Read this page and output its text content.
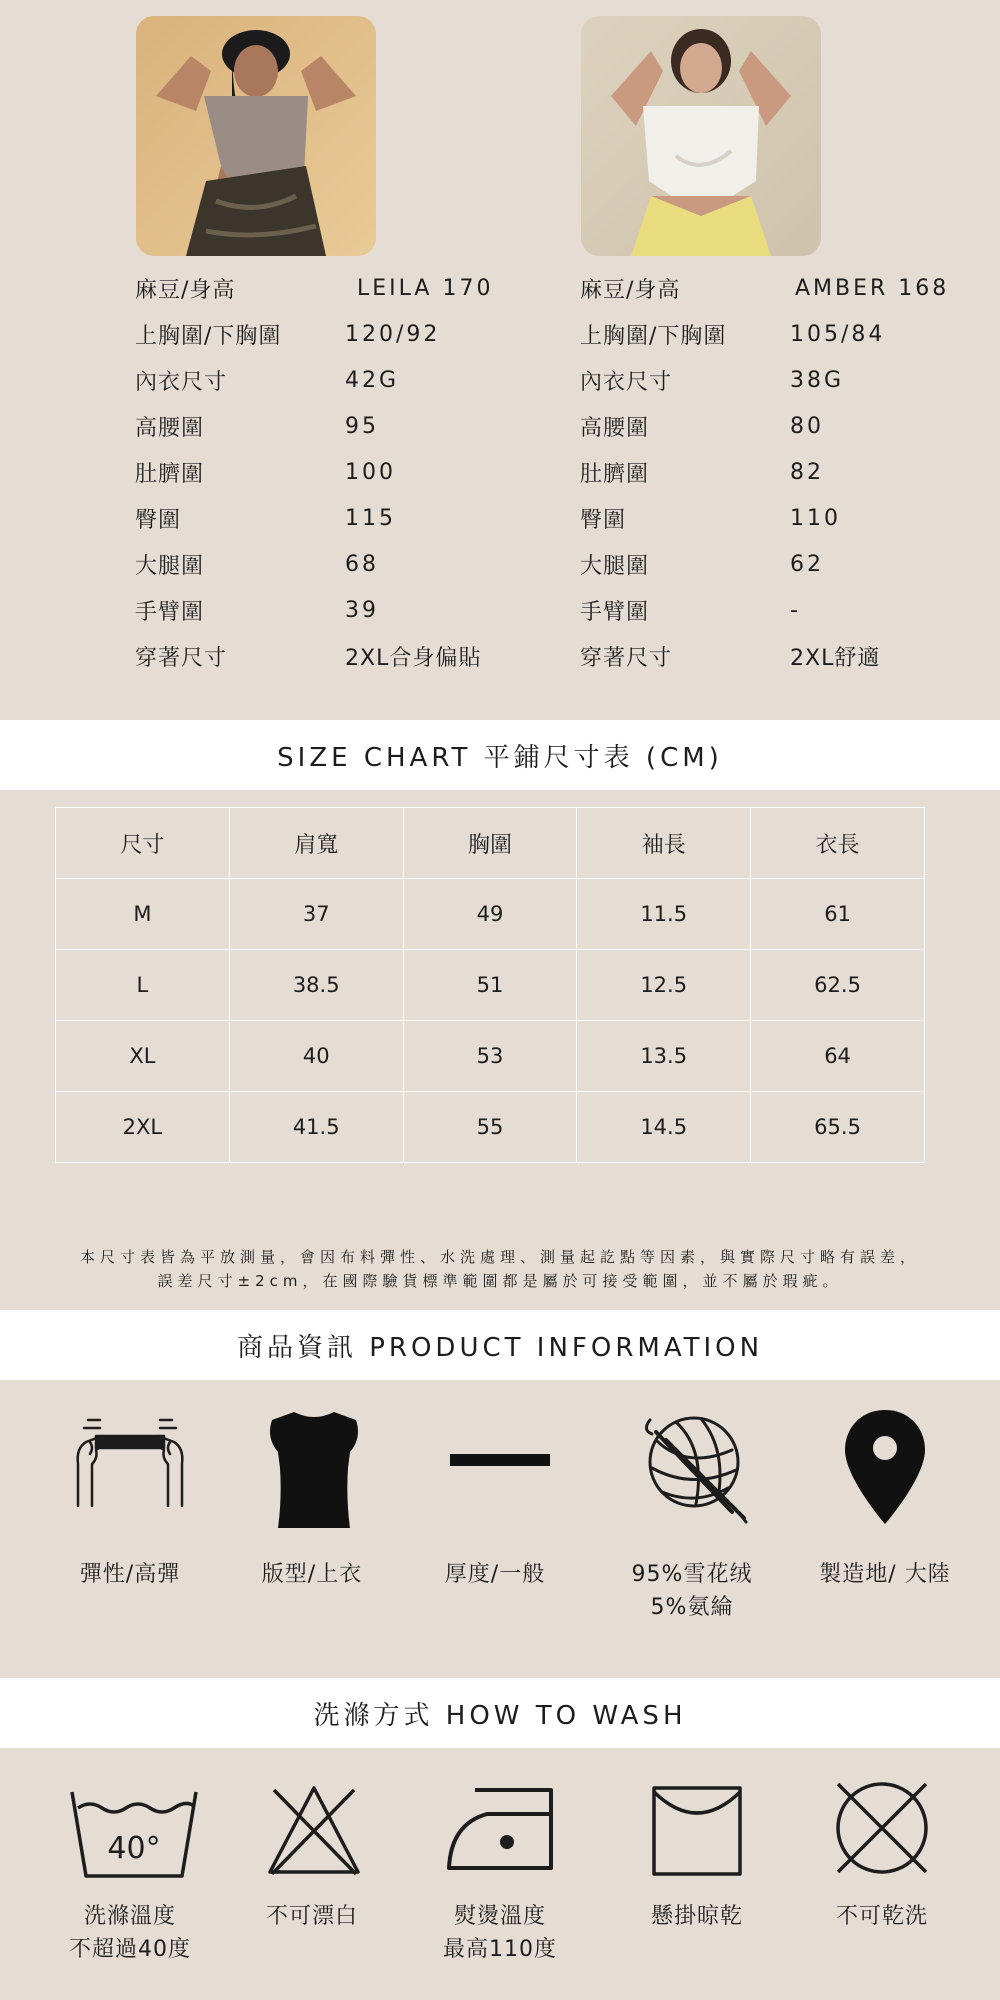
麻豆/身高	LEILA 170
上胸圍/下胸圍	120/92
內衣尺寸	42G
高腰圍	95
肚臍圍	100
臀圍	115
大腿圍	68
手臂圍	39
穿著尺寸	2XL合身偏貼
麻豆/身高	AMBER 168
上胸圍/下胸圍	105/84
內衣尺寸	38G
高腰圍	80
肚臍圍	82
臀圍	110
大腿圍	62
手臂圍	-
穿著尺寸	2XL舒適
SIZE CHART 平鋪尺寸表 (CM)
尺寸	肩寬	胸圍	袖長	衣長
M	37	49	11.5	61
L	38.5	51	12.5	62.5
XL	40	53	13.5	64
2XL	41.5	55	14.5	65.5
本尺寸表皆為平放測量，會因布料彈性、水洗處理、測量起訖點等因素，與實際尺寸略有誤差，
誤差尺寸±2cm，在國際驗貨標準範圍都是屬於可接受範圍，並不屬於瑕疵。
商品資訊 PRODUCT INFORMATION
彈性/高彈	版型/上衣	厚度/一般	95%雪花绒
5%氨綸
製造地/ 大陸
洗滌方式 HOW TO WASH
40°
洗滌溫度
不超過40度
不可漂白	熨燙溫度
最高110度
懸掛晾乾	不可乾洗
